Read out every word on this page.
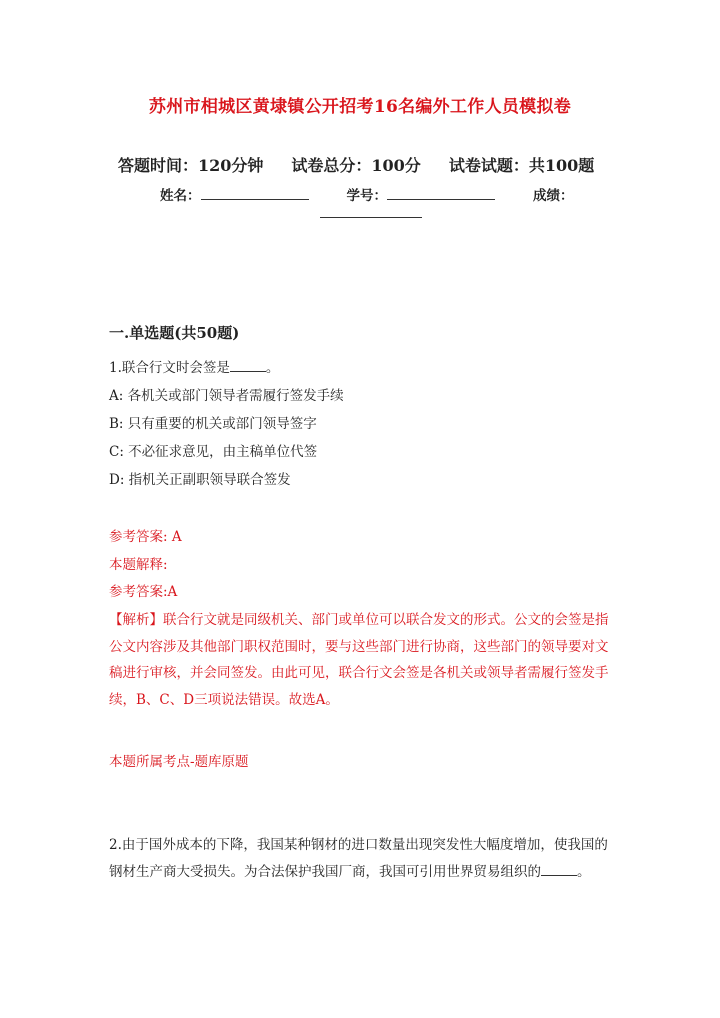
苏州市相城区黄埭镇公开招考16名编外工作人员模拟卷
答题时间：120分钟 试卷总分：100分 试卷试题：共100题
姓名：	学号：	成绩：
一.单选题(共50题)
1.联合行文时会签是	。
A: 各机关或部门领导者需履行签发手续
B: 只有重要的机关或部门领导签字
C: 不必征求意见，由主稿单位代签
D: 指机关正副职领导联合签发
参考答案: A
本题解释:
参考答案:A
【解析】联合行文就是同级机关、部门或单位可以联合发文的形式。公文的会签是指公文内容涉及其他部门职权范围时，要与这些部门进行协商，这些部门的领导要对文稿进行审核，并会同签发。由此可见，联合行文会签是各机关或领导者需履行签发手续，B、C、D三项说法错误。故选A。
本题所属考点-题库原题
2.由于国外成本的下降，我国某种钢材的进口数量出现突发性大幅度增加，使我国的钢材生产商大受损失。为合法保护我国厂商，我国可引用世界贸易组织的	。
